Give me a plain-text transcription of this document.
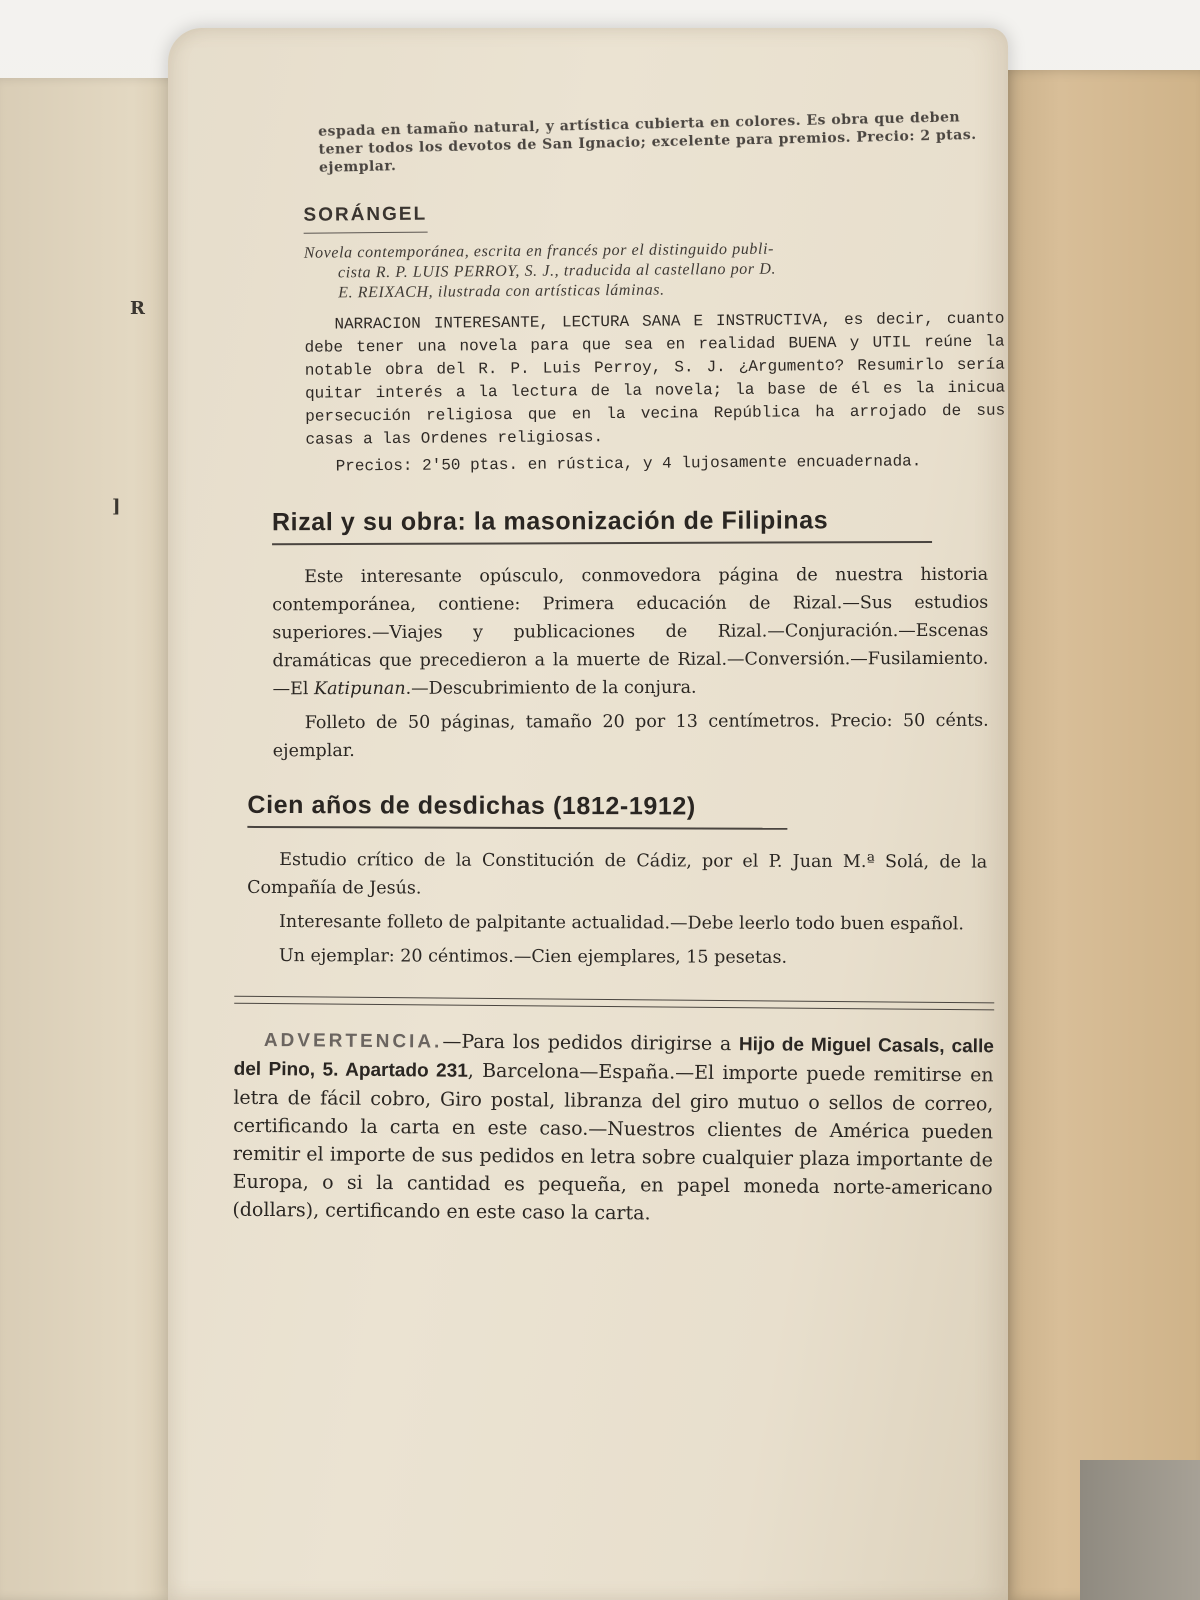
R
]
espada en tamaño natural, y artística cubierta en colores. Es obra que deben tener todos los devotos de San Ignacio; excelente para premios. Precio: 2 ptas. ejemplar.
SORÁNGEL
Novela contemporánea, escrita en francés por el distinguido publi-
cista R. P. LUIS PERROY, S. J., traducida al castellano por D.
E. REIXACH, ilustrada con artísticas láminas.

NARRACION INTERESANTE, LECTURA SANA E INSTRUCTIVA, es decir, cuanto debe tener una novela para que sea en realidad BUENA y UTIL reúne la notable obra del R. P. Luis Perroy, S. J. ¿Argumento? Resumirlo sería quitar interés a la lectura de la novela; la base de él es la inicua persecución religiosa que en la vecina República ha arrojado de sus casas a las Ordenes religiosas.

Precios: 2'50 ptas. en rústica, y 4 lujosamente encuadernada.

Rizal y su obra: la masonización de Filipinas

Este interesante opúsculo, conmovedora página de nuestra historia contemporánea, contiene: Primera educación de Rizal.—Sus estudios superiores.—Viajes y publicaciones de Rizal.—Conjuración.—Escenas dramáticas que precedieron a la muerte de Rizal.—Conversión.—Fusilamiento.—El Katipunan.—Descubrimiento de la conjura.

Folleto de 50 páginas, tamaño 20 por 13 centímetros. Precio: 50 cénts. ejemplar.

Cien años de desdichas (1812-1912)

Estudio crítico de la Constitución de Cádiz, por el P. Juan M.ª Solá, de la Compañía de Jesús.

Interesante folleto de palpitante actualidad.—Debe leerlo todo buen español.

Un ejemplar: 20 céntimos.—Cien ejemplares, 15 pesetas.

ADVERTENCIA.—Para los pedidos dirigirse a Hijo de Miguel Casals, calle del Pino, 5. Apartado 231, Barcelona—España.—El importe puede remitirse en letra de fácil cobro, Giro postal, libranza del giro mutuo o sellos de correo, certificando la carta en este caso.—Nuestros clientes de América pueden remitir el importe de sus pedidos en letra sobre cualquier plaza importante de Europa, o si la cantidad es pequeña, en papel moneda norte-americano (dollars), certificando en este caso la carta.
